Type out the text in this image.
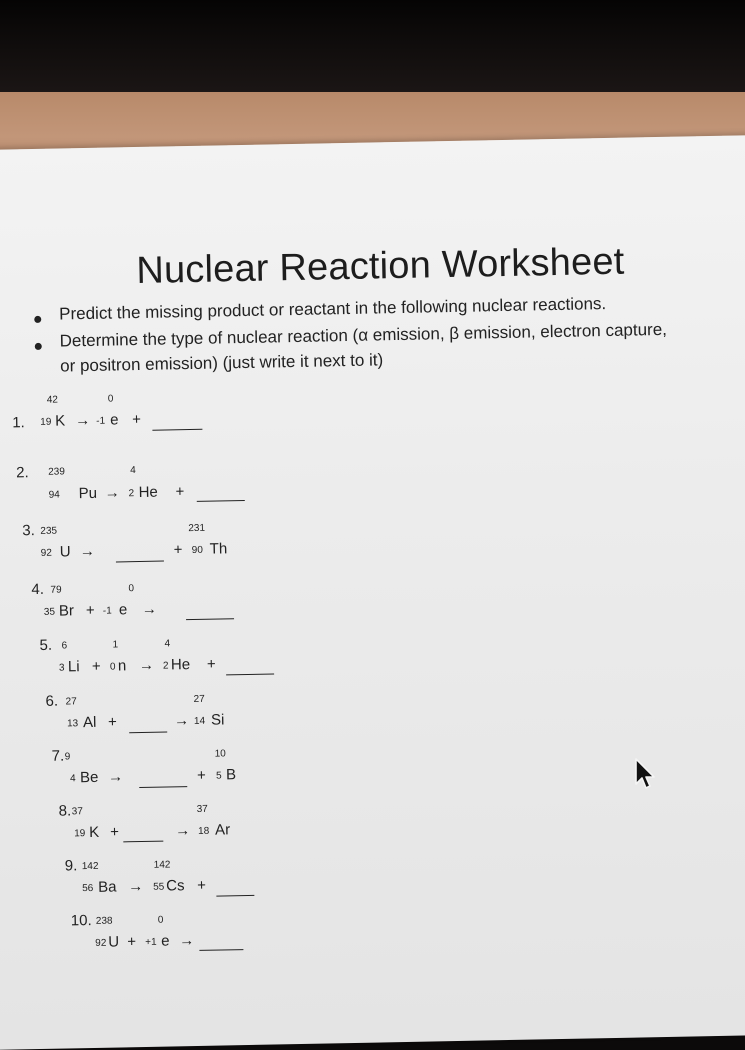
Nuclear Reaction Worksheet
Predict the missing product or reactant in the following nuclear reactions.
Determine the type of nuclear reaction (α emission, β emission, electron capture,
or positron emission) (just write it next to it)
1.
42
19 K →
0
-1 e +
2. 239
94 Pu →
4
2 He +
3. 235
92 U →	+
231
90 Th
4. 79
35 Br +
0
-1 e →
5. 6
3 Li +
1
0 n →
4
2 He +
6. 27
13 Al +	→
27
14 Si
7. 9
4 Be →	+
10
5 B
8. 37
19 K +	→
37
18 Ar
9. 142
56 Ba →
142
55 Cs +
10. 238
92 U +
0
+1 e →
